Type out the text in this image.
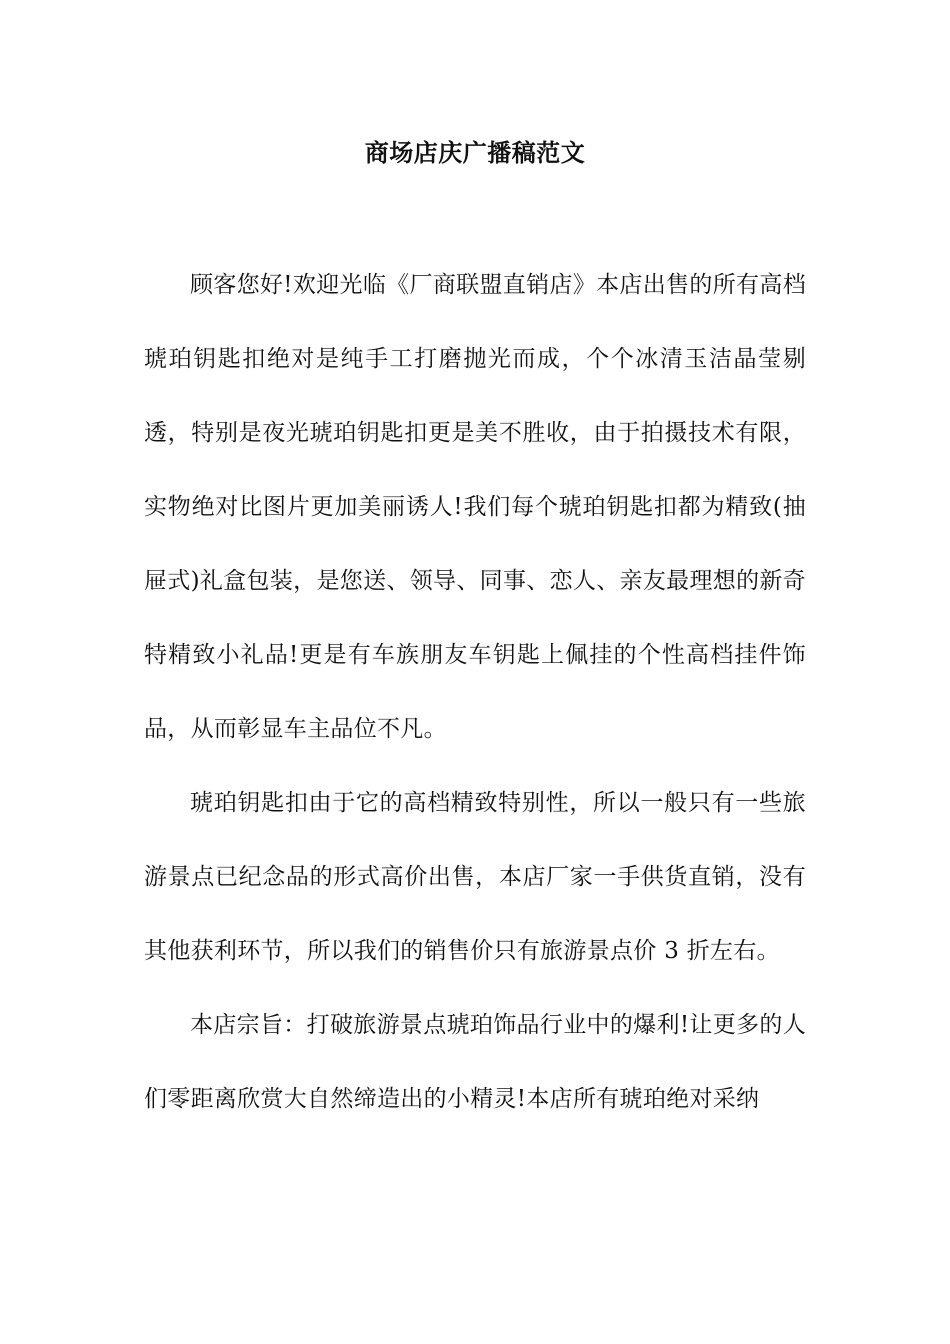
商场店庆广播稿范文

顾客您好!欢迎光临《厂商联盟直销店》本店出售的所有高档琥珀钥匙扣绝对是纯手工打磨抛光而成，个个冰清玉洁晶莹剔透，特别是夜光琥珀钥匙扣更是美不胜收，由于拍摄技术有限，实物绝对比图片更加美丽诱人!我们每个琥珀钥匙扣都为精致(抽屉式)礼盒包装，是您送、领导、同事、恋人、亲友最理想的新奇特精致小礼品!更是有车族朋友车钥匙上佩挂的个性高档挂件饰品，从而彰显车主品位不凡。

琥珀钥匙扣由于它的高档精致特别性，所以一般只有一些旅游景点已纪念品的形式高价出售，本店厂家一手供货直销，没有其他获利环节，所以我们的销售价只有旅游景点价 3 折左右。

本店宗旨：打破旅游景点琥珀饰品行业中的爆利!让更多的人们零距离欣赏大自然缔造出的小精灵!本店所有琥珀绝对采纳
